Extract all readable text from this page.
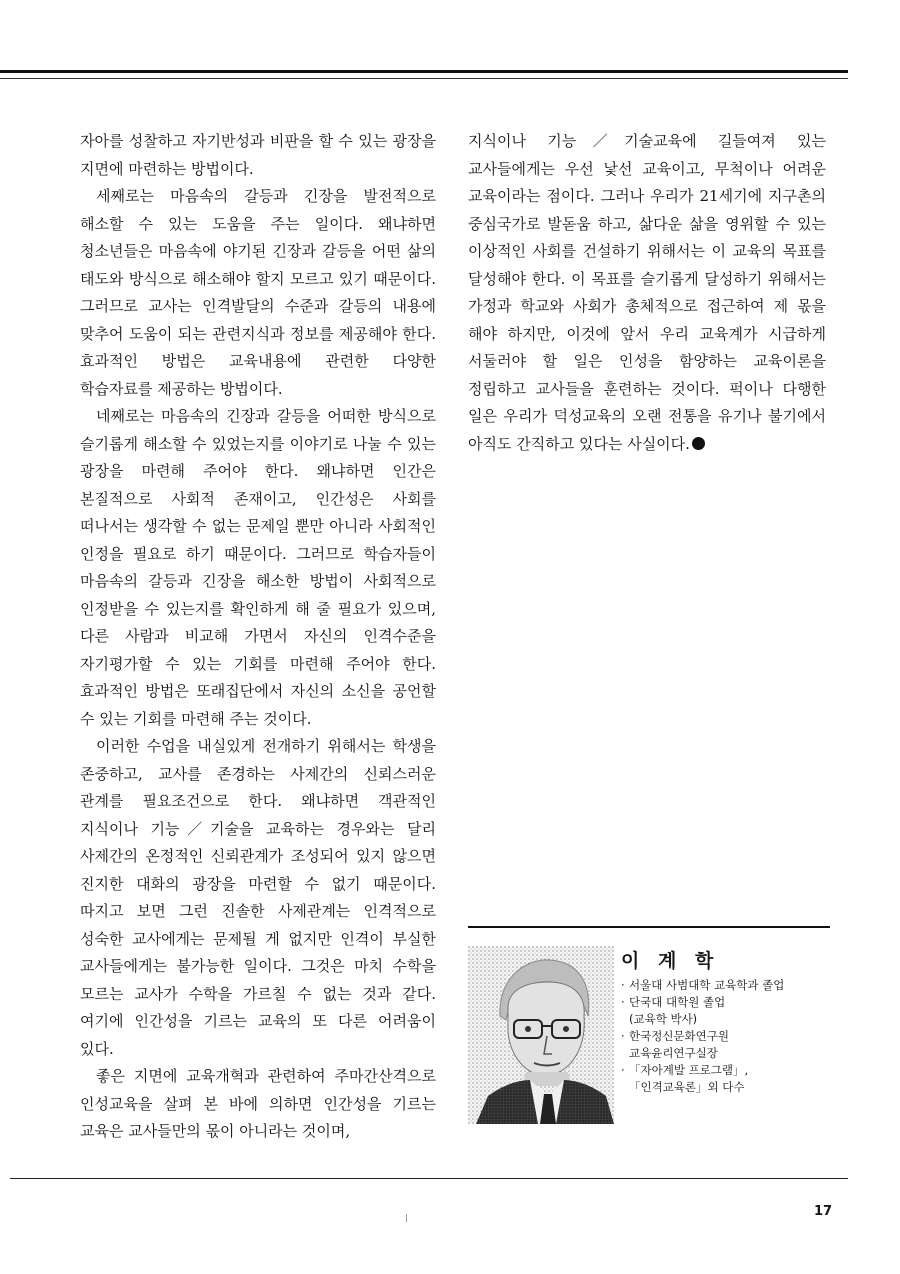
자아를 성찰하고 자기반성과 비판을 할 수 있는 광장을 지면에 마련하는 방법이다.

세째로는 마음속의 갈등과 긴장을 발전적으로 해소할 수 있는 도움을 주는 일이다. 왜냐하면 청소년들은 마음속에 야기된 긴장과 갈등을 어떤 삶의 태도와 방식으로 해소해야 할지 모르고 있기 때문이다. 그러므로 교사는 인격발달의 수준과 갈등의 내용에 맞추어 도움이 되는 관련지식과 정보를 제공해야 한다. 효과적인 방법은 교육내용에 관련한 다양한 학습자료를 제공하는 방법이다.

네째로는 마음속의 긴장과 갈등을 어떠한 방식으로 슬기롭게 해소할 수 있었는지를 이야기로 나눌 수 있는 광장을 마련해 주어야 한다. 왜냐하면 인간은 본질적으로 사회적 존재이고, 인간성은 사회를 떠나서는 생각할 수 없는 문제일 뿐만 아니라 사회적인 인정을 필요로 하기 때문이다. 그러므로 학습자들이 마음속의 갈등과 긴장을 해소한 방법이 사회적으로 인정받을 수 있는지를 확인하게 해 줄 필요가 있으며, 다른 사람과 비교해 가면서 자신의 인격수준을 자기평가할 수 있는 기회를 마련해 주어야 한다. 효과적인 방법은 또래집단에서 자신의 소신을 공언할 수 있는 기회를 마련해 주는 것이다.

이러한 수업을 내실있게 전개하기 위해서는 학생을 존중하고, 교사를 존경하는 사제간의 신뢰스러운 관계를 필요조건으로 한다. 왜냐하면 객관적인 지식이나 기능／기술을 교육하는 경우와는 달리 사제간의 온정적인 신뢰관계가 조성되어 있지 않으면 진지한 대화의 광장을 마련할 수 없기 때문이다. 따지고 보면 그런 진솔한 사제관계는 인격적으로 성숙한 교사에게는 문제될 게 없지만 인격이 부실한 교사들에게는 불가능한 일이다. 그것은 마치 수학을 모르는 교사가 수학을 가르칠 수 없는 것과 같다. 여기에 인간성을 기르는 교육의 또 다른 어려움이 있다.

좋은 지면에 교육개혁과 관련하여 주마간산격으로 인성교육을 살펴 본 바에 의하면 인간성을 기르는 교육은 교사들만의 몫이 아니라는 것이며,

지식이나 기능／기술교육에 길들여져 있는 교사들에게는 우선 낯선 교육이고, 무척이나 어려운 교육이라는 점이다. 그러나 우리가 21세기에 지구촌의 중심국가로 발돋움 하고, 삶다운 삶을 영위할 수 있는 이상적인 사회를 건설하기 위해서는 이 교육의 목표를 달성해야 한다. 이 목표를 슬기롭게 달성하기 위해서는 가정과 학교와 사회가 총체적으로 접근하여 제 몫을 해야 하지만, 이것에 앞서 우리 교육계가 시급하게 서둘러야 할 일은 인성을 함양하는 교육이론을 정립하고 교사들을 훈련하는 것이다. 퍽이나 다행한 일은 우리가 덕성교육의 오랜 전통을 유기나 불기에서 아직도 간직하고 있다는 사실이다.

이 계 학
· 서울대 사범대학 교육학과 졸업
· 단국대 대학원 졸업
(교육학 박사)
· 한국정신문화연구원
교육윤리연구실장
· 「자아계발 프로그램」,
「인격교육론」외 다수
17
